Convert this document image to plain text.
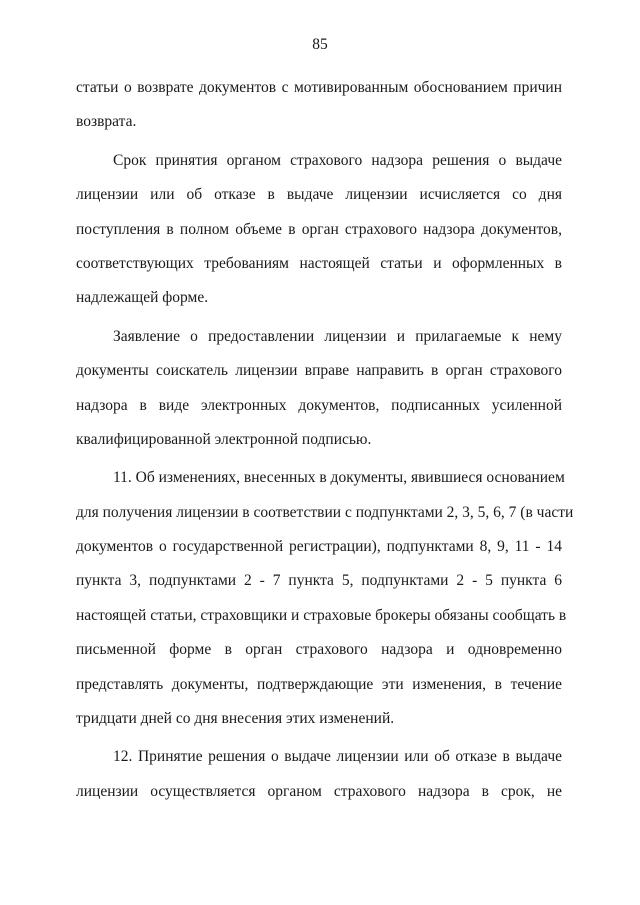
85
статьи о возврате документов с мотивированным обоснованием причин
возврата.
Срок принятия органом страхового надзора решения о выдаче
лицензии или об отказе в выдаче лицензии исчисляется со дня
поступления в полном объеме в орган страхового надзора документов,
соответствующих требованиям настоящей статьи и оформленных в
надлежащей форме.
Заявление о предоставлении лицензии и прилагаемые к нему
документы соискатель лицензии вправе направить в орган страхового
надзора в виде электронных документов, подписанных усиленной
квалифицированной электронной подписью.
11. Об изменениях, внесенных в документы, явившиеся основанием
для получения лицензии в соответствии с подпунктами 2, 3, 5, 6, 7 (в части
документов о государственной регистрации), подпунктами 8, 9, 11 - 14
пункта 3, подпунктами 2 - 7 пункта 5, подпунктами 2 - 5 пункта 6
настоящей статьи, страховщики и страховые брокеры обязаны сообщать в
письменной форме в орган страхового надзора и одновременно
представлять документы, подтверждающие эти изменения, в течение
тридцати дней со дня внесения этих изменений.
12. Принятие решения о выдаче лицензии или об отказе в выдаче
лицензии осуществляется органом страхового надзора в срок, не
